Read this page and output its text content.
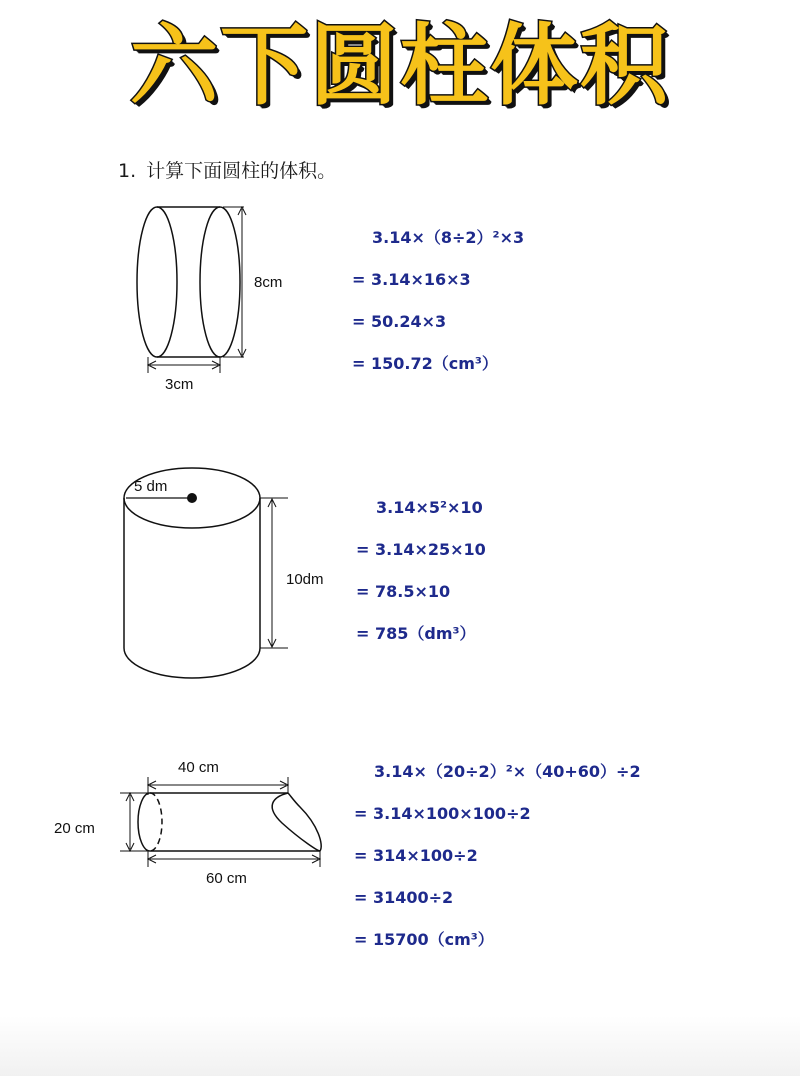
六下圆柱体积
1. 计算下面圆柱的体积。
8cm
3cm
3.14×（8÷2）²×3
= 3.14×16×3
= 50.24×3
= 150.72（cm³）
5 dm
10dm
3.14×5²×10
= 3.14×25×10
= 78.5×10
= 785（dm³）
40 cm
20 cm
60 cm
3.14×（20÷2）²×（40+60）÷2
= 3.14×100×100÷2
= 314×100÷2
= 31400÷2
= 15700（cm³）
